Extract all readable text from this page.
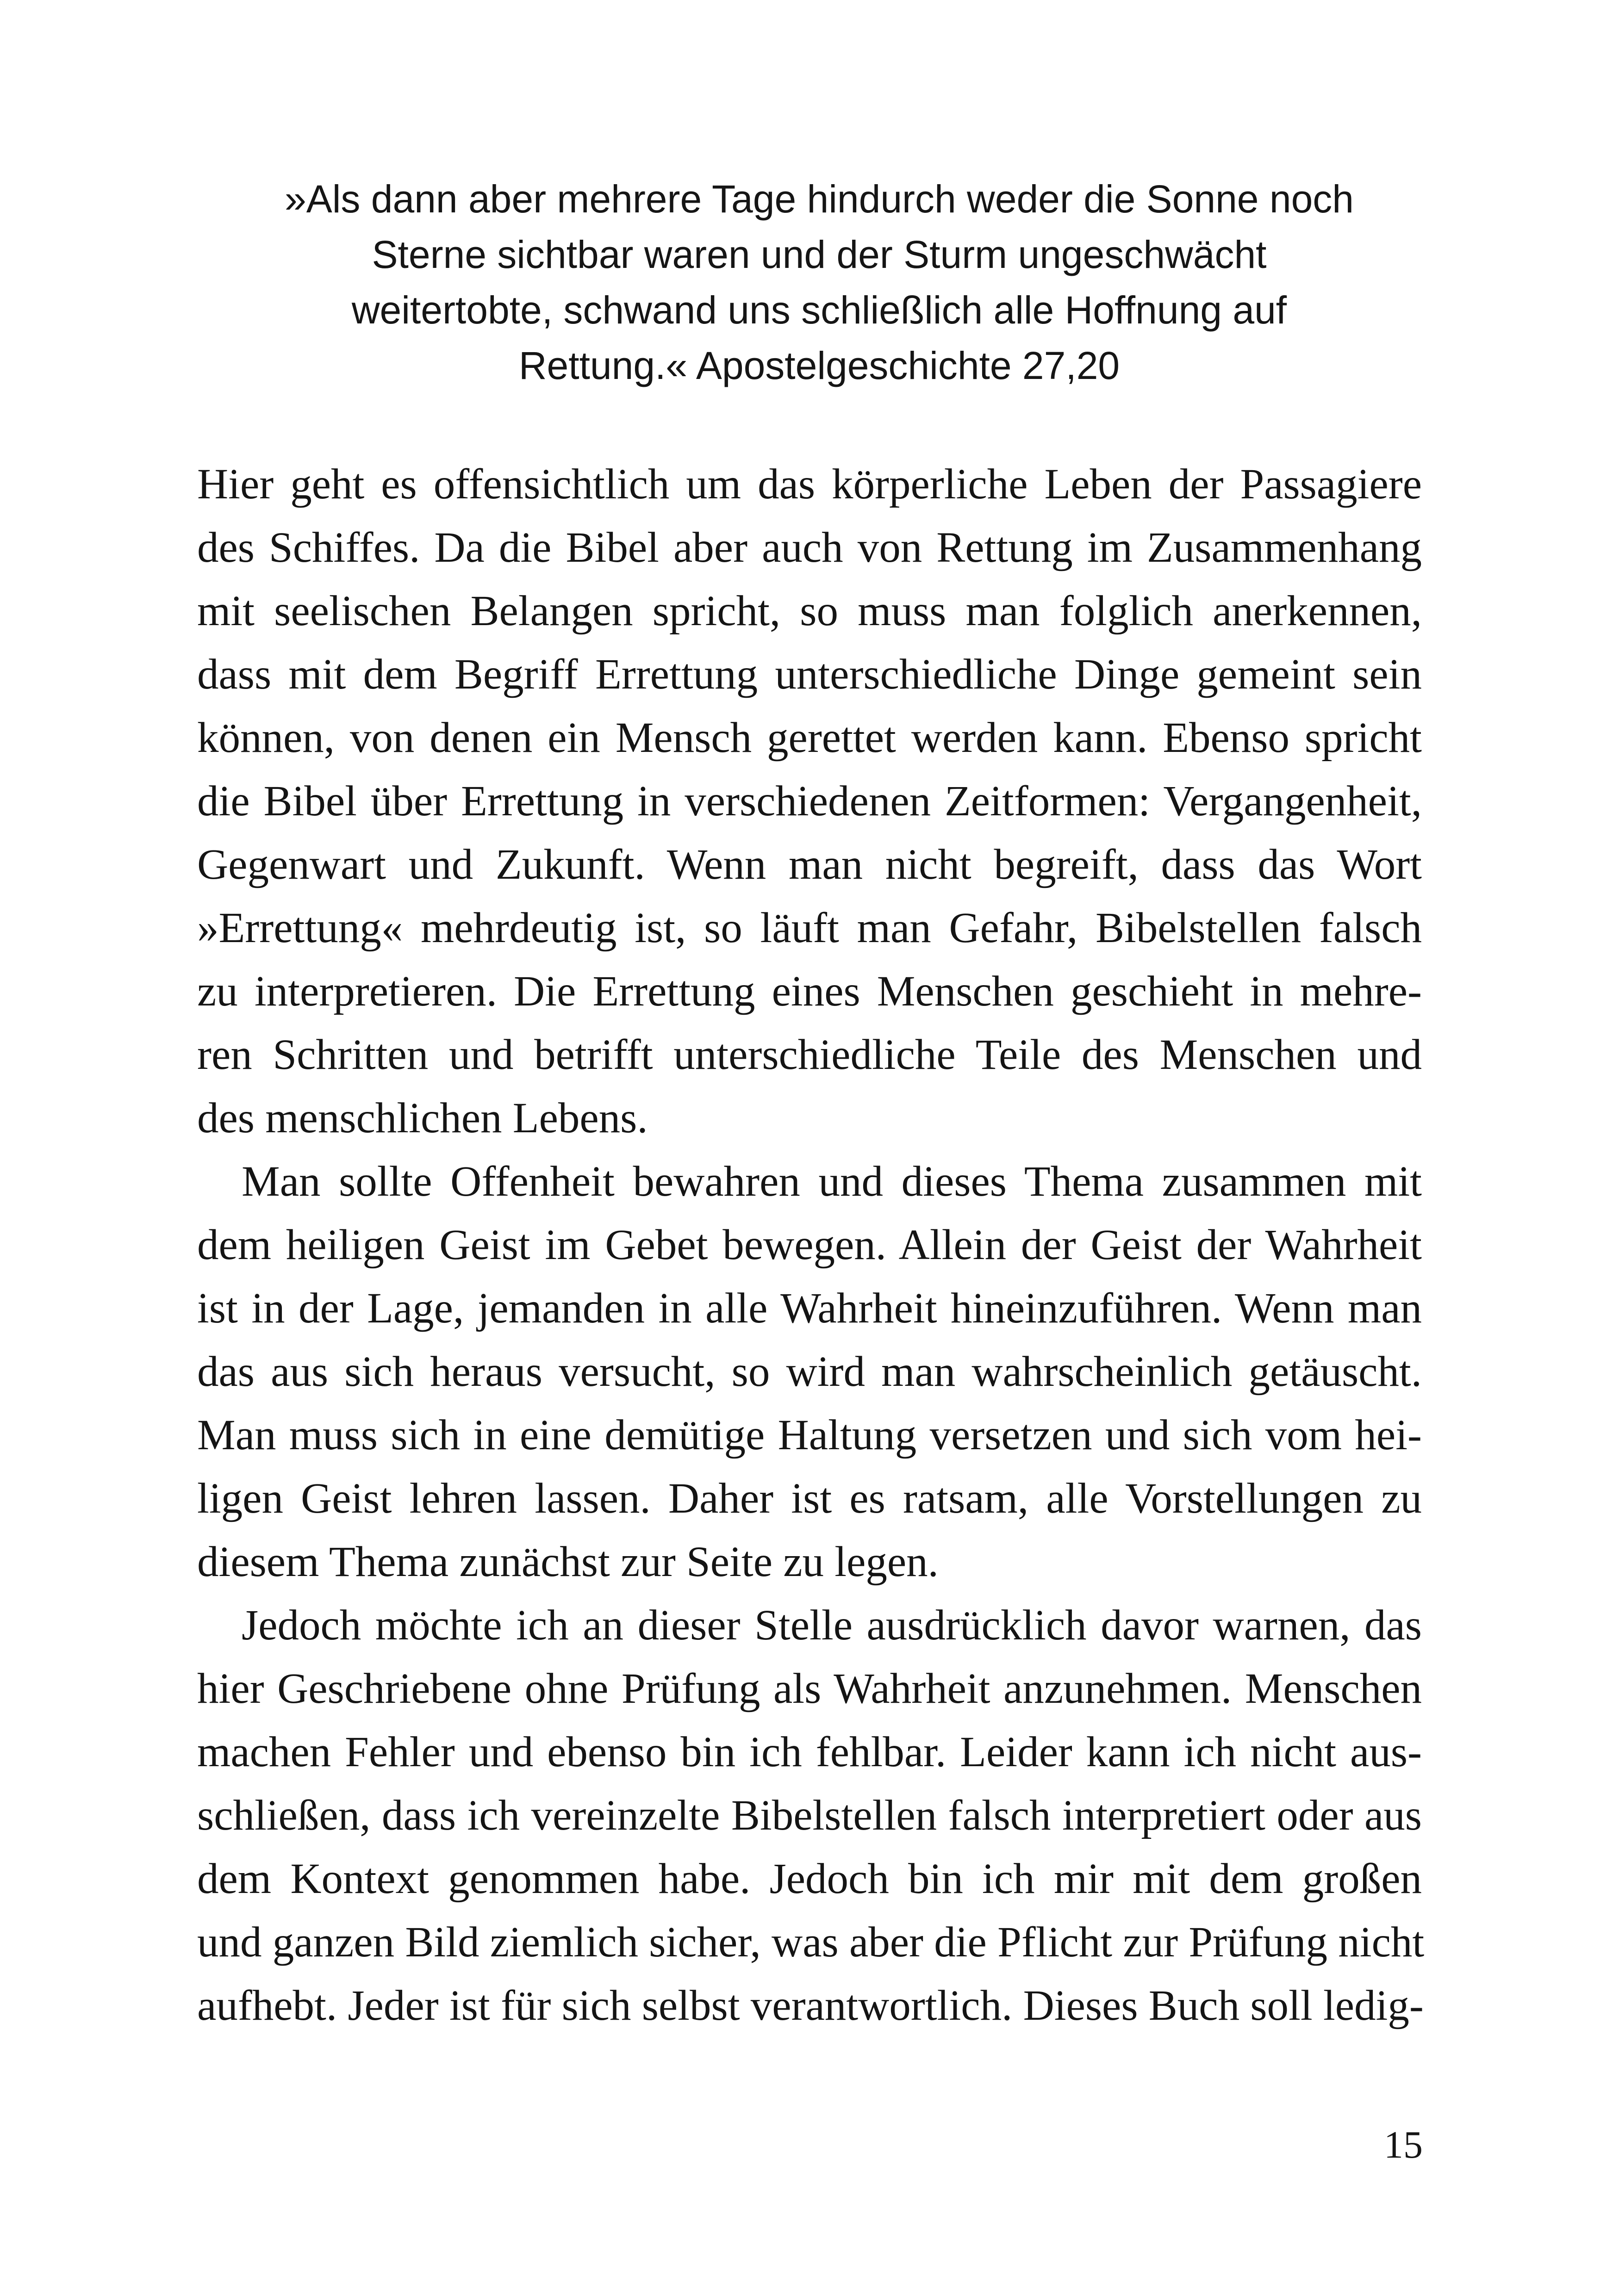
»Als dann aber mehrere Tage hindurch weder die Sonne noch
Sterne sichtbar waren und der Sturm ungeschwächt
weitertobte, schwand uns schließlich alle Hoffnung auf
Rettung.« Apostelgeschichte 27,20

Hier geht es offensichtlich um das körperliche Leben der Passagiere
des Schiffes. Da die Bibel aber auch von Rettung im Zusammenhang
mit seelischen Belangen spricht, so muss man folglich anerkennen,
dass mit dem Begriff Errettung unterschiedliche Dinge gemeint sein
können, von denen ein Mensch gerettet werden kann. Ebenso spricht
die Bibel über Errettung in verschiedenen Zeitformen: Vergangenheit,
Gegenwart und Zukunft. Wenn man nicht begreift, dass das Wort
»Errettung« mehrdeutig ist, so läuft man Gefahr, Bibelstellen falsch
zu interpretieren. Die Errettung eines Menschen geschieht in mehre-
ren Schritten und betrifft unterschiedliche Teile des Menschen und
des menschlichen Lebens.

Man sollte Offenheit bewahren und dieses Thema zusammen mit
dem heiligen Geist im Gebet bewegen. Allein der Geist der Wahrheit
ist in der Lage, jemanden in alle Wahrheit hineinzuführen. Wenn man
das aus sich heraus versucht, so wird man wahrscheinlich getäuscht.
Man muss sich in eine demütige Haltung versetzen und sich vom hei-
ligen Geist lehren lassen. Daher ist es ratsam, alle Vorstellungen zu
diesem Thema zunächst zur Seite zu legen.

Jedoch möchte ich an dieser Stelle ausdrücklich davor warnen, das
hier Geschriebene ohne Prüfung als Wahrheit anzunehmen. Menschen
machen Fehler und ebenso bin ich fehlbar. Leider kann ich nicht aus-
schließen, dass ich vereinzelte Bibelstellen falsch interpretiert oder aus
dem Kontext genommen habe. Jedoch bin ich mir mit dem großen
und ganzen Bild ziemlich sicher, was aber die Pflicht zur Prüfung nicht
aufhebt. Jeder ist für sich selbst verantwortlich. Dieses Buch soll ledig-

15
